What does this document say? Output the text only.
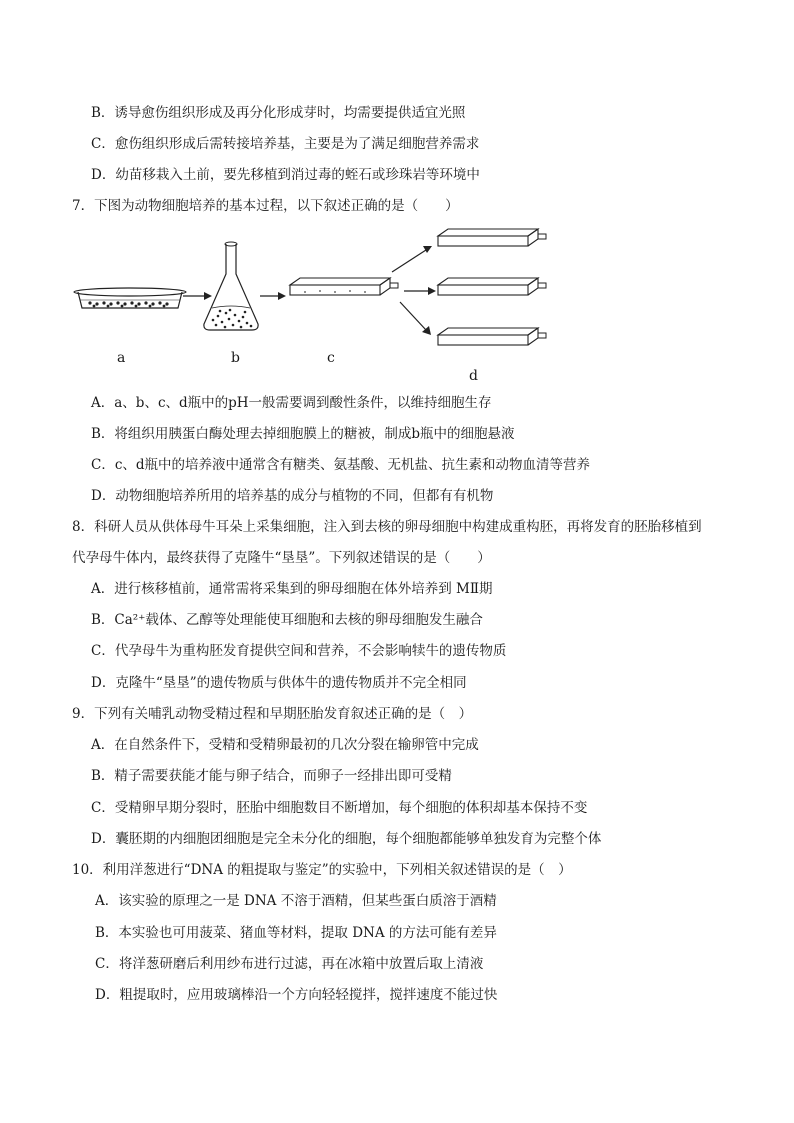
B．诱导愈伤组织形成及再分化形成芽时，均需要提供适宜光照
C．愈伤组织形成后需转接培养基，主要是为了满足细胞营养需求
D．幼苗移栽入土前，要先移植到消过毒的蛭石或珍珠岩等环境中
7．下图为动物细胞培养的基本过程，以下叙述正确的是（　　）
a	b	c
d
A．a、b、c、d瓶中的pH一般需要调到酸性条件，以维持细胞生存
B．将组织用胰蛋白酶处理去掉细胞膜上的糖被，制成b瓶中的细胞悬液
C．c、d瓶中的培养液中通常含有糖类、氨基酸、无机盐、抗生素和动物血清等营养
D．动物细胞培养所用的培养基的成分与植物的不同，但都有有机物
8．科研人员从供体母牛耳朵上采集细胞，注入到去核的卵母细胞中构建成重构胚，再将发育的胚胎移植到
代孕母牛体内，最终获得了克隆牛“垦垦”。下列叙述错误的是（　　）
A．进行核移植前，通常需将采集到的卵母细胞在体外培养到 MⅡ期
B．Ca²⁺载体、乙醇等处理能使耳细胞和去核的卵母细胞发生融合
C．代孕母牛为重构胚发育提供空间和营养，不会影响犊牛的遗传物质
D．克隆牛“垦垦”的遗传物质与供体牛的遗传物质并不完全相同
9．下列有关哺乳动物受精过程和早期胚胎发育叙述正确的是（　）
A．在自然条件下，受精和受精卵最初的几次分裂在输卵管中完成
B．精子需要获能才能与卵子结合，而卵子一经排出即可受精
C．受精卵早期分裂时，胚胎中细胞数目不断增加，每个细胞的体积却基本保持不变
D．囊胚期的内细胞团细胞是完全未分化的细胞，每个细胞都能够单独发育为完整个体
10．利用洋葱进行“DNA 的粗提取与鉴定”的实验中，下列相关叙述错误的是（　）
A．该实验的原理之一是 DNA 不溶于酒精，但某些蛋白质溶于酒精
B．本实验也可用菠菜、猪血等材料，提取 DNA 的方法可能有差异
C．将洋葱研磨后利用纱布进行过滤，再在冰箱中放置后取上清液
D．粗提取时，应用玻璃棒沿一个方向轻轻搅拌，搅拌速度不能过快
